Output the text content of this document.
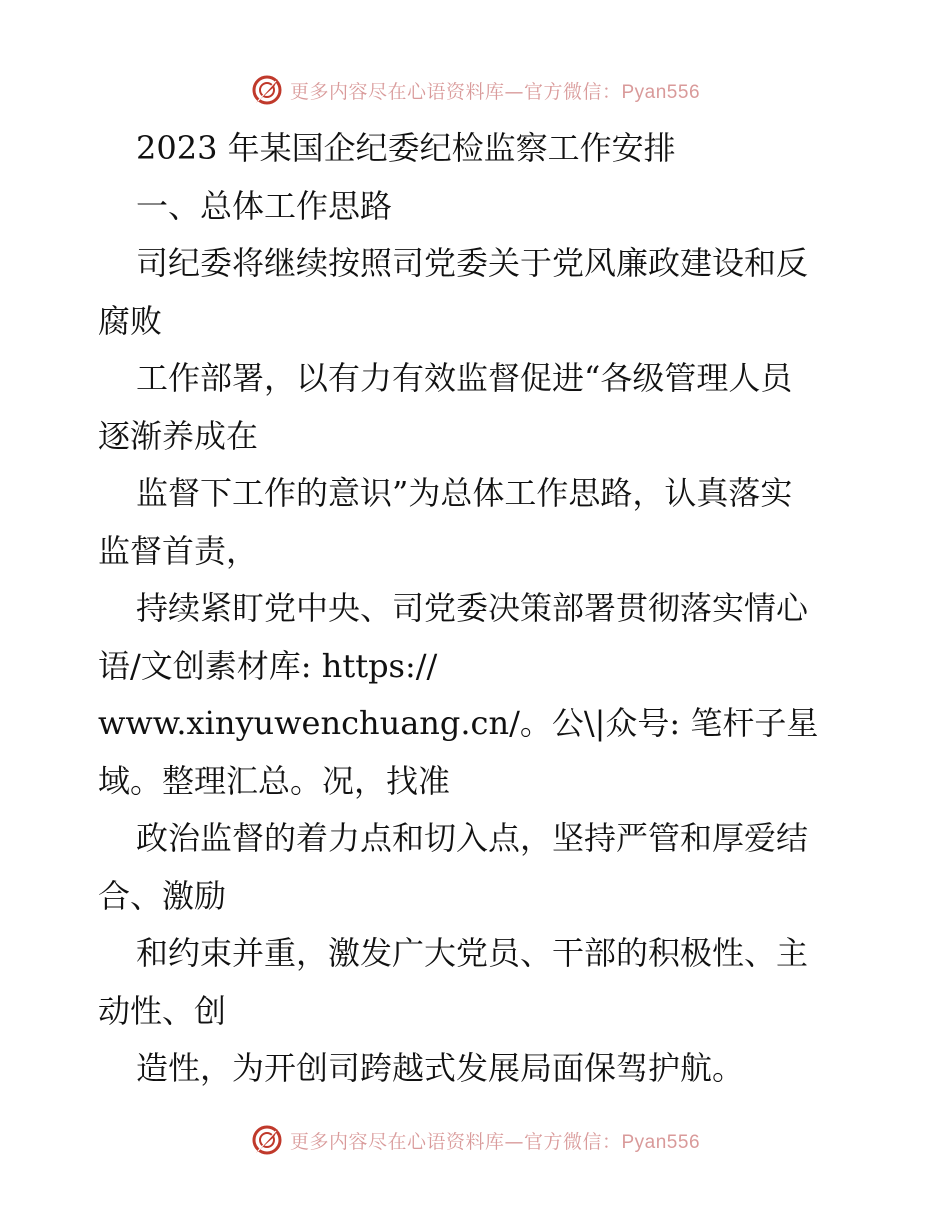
更多内容尽在心语资料库—官方微信：Pyan556
2023 年某国企纪委纪检监察工作安排
一、总体工作思路
司纪委将继续按照司党委关于党风廉政建设和反
腐败
工作部署，以有力有效监督促进“各级管理人员
逐渐养成在
监督下工作的意识”为总体工作思路，认真落实
监督首责，
持续紧盯党中央、司党委决策部署贯彻落实情心
语/文创素材库: https://
www.xinyuwenchuang.cn/。公\|众号: 笔杆子星
域。整理汇总。况，找准
政治监督的着力点和切入点，坚持严管和厚爱结
合、激励
和约束并重，激发广大党员、干部的积极性、主
动性、创
造性，为开创司跨越式发展局面保驾护航。
更多内容尽在心语资料库—官方微信：Pyan556
